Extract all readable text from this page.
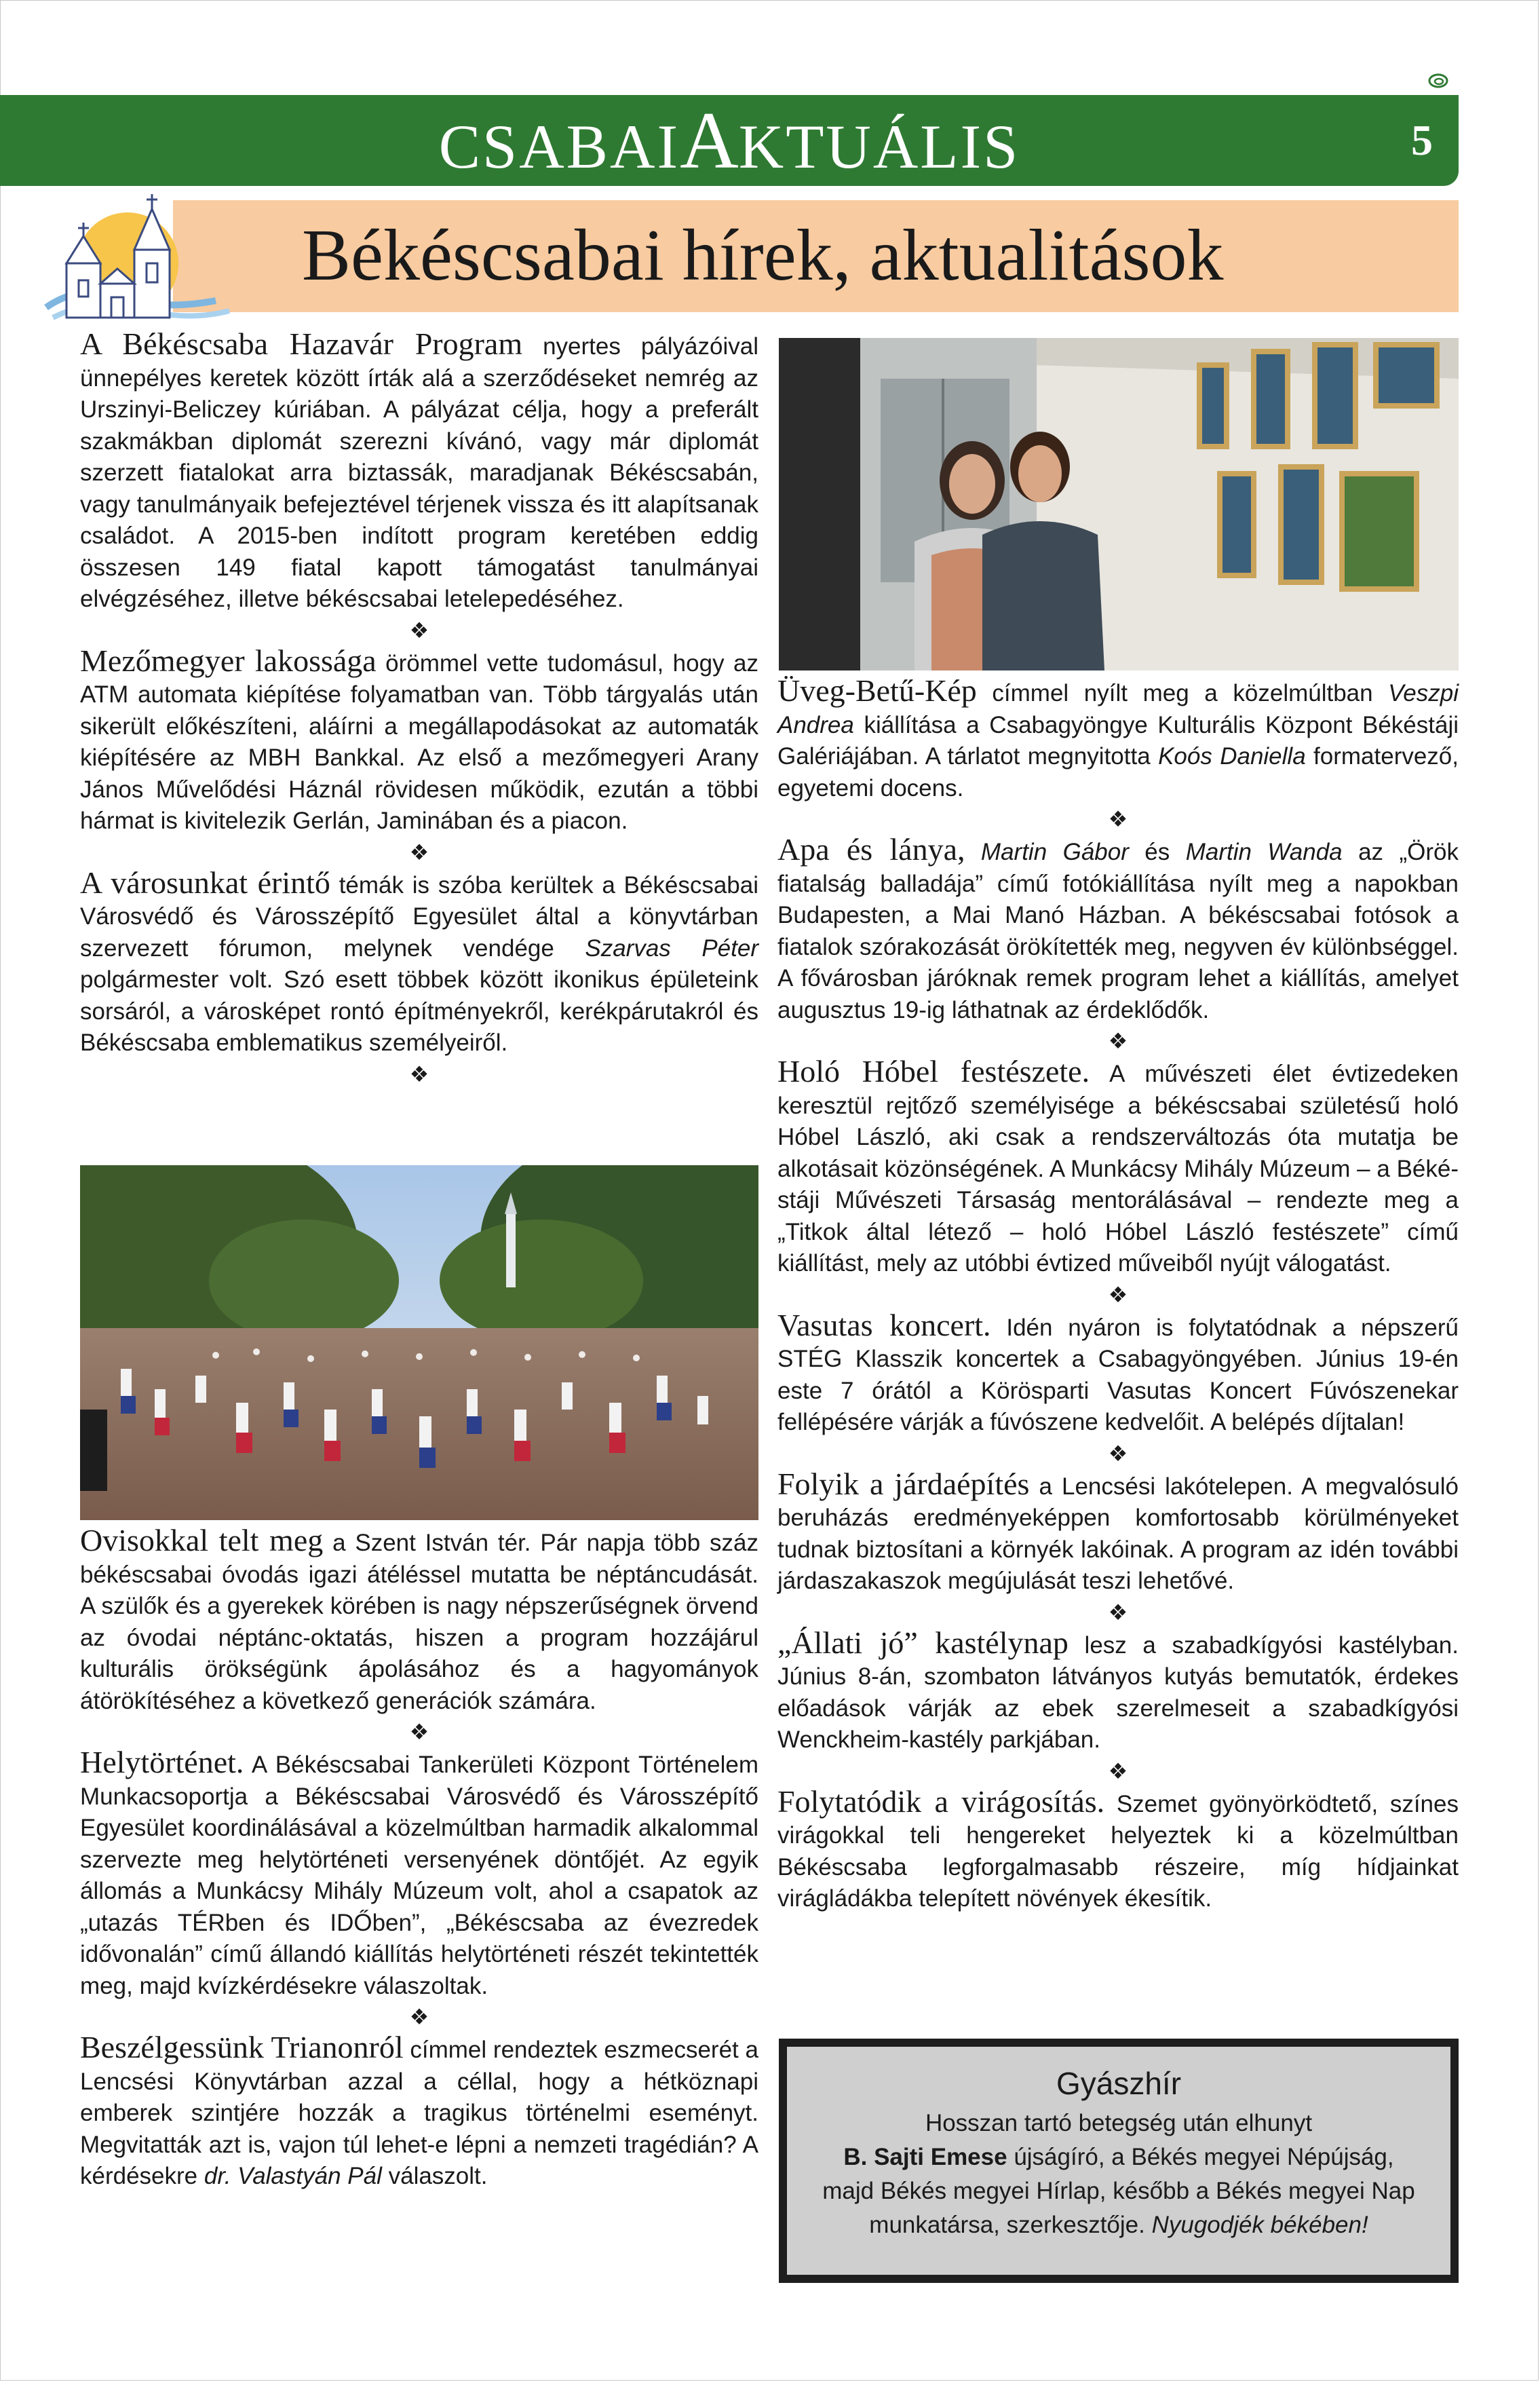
CSABAIAKTUÁLIS	5
Békéscsabai hírek, aktualitások

A Békéscsaba Hazavár Program nyertes pályázóival ünnepélyes keretek között írták alá a szerződéseket nemrég az Urszinyi-Beliczey kúriában. A pályázat célja, hogy a preferált szakmákban diplomát szerezni kívánó, vagy már diplomát szerzett fiatalokat arra biztassák, maradjanak Békéscsabán, vagy tanulmányaik befejeztével térjenek vissza és itt alapítsanak családot. A 2015-ben indított program keretében eddig összesen 149 fiatal kapott támogatást tanulmányai elvégzéséhez, illetve békéscsabai letelepedéséhez.

❖

Mezőmegyer lakossága örömmel vette tudomásul, hogy az ATM automata kiépítése folyamatban van. Több tárgyalás után sikerült előkészíteni, aláírni a megállapodásokat az automaták kiépítésére az MBH Bankkal. Az első a mezőmegyeri Arany János Művelődési Háznál rövidesen működik, ezután a többi hármat is kivitelezik Gerlán, Jaminában és a piacon.

❖

A városunkat érintő témák is szóba kerültek a Békéscsabai Városvédő és Városszépítő Egyesület által a könyvtárban szervezett fórumon, melynek vendége Szarvas Péter polgármester volt. Szó esett többek között ikonikus épületeink sorsáról, a városképet rontó építményekről, kerékpárutakról és Békéscsaba emblematikus személyeiről.

❖

Ovisokkal telt meg a Szent István tér. Pár napja több száz békéscsabai óvodás igazi átéléssel mutatta be néptáncudását. A szülők és a gyerekek körében is nagy népszerűségnek örvend az óvodai néptánc-oktatás, hiszen a program hozzájárul kulturális örökségünk ápolásához és a hagyományok átörökítéséhez a következő generációk számára.

❖

Helytörténet. A Békéscsabai Tankerületi Központ Történelem Munkacsoportja a Békéscsabai Városvédő és Városszépítő Egyesület koordinálásával a közelmúltban harmadik alkalommal szervezte meg helytörténeti versenyének döntőjét. Az egyik állomás a Munkácsy Mihály Múzeum volt, ahol a csapatok az „utazás TÉRben és IDŐben”, „Békéscsaba az évezredek idővonalán” című állandó kiállítás helytörténeti részét tekintették meg, majd kvízkérdésekre válaszoltak.

❖

Beszélgessünk Trianonról címmel rendeztek eszmecserét a Lencsési Könyvtárban azzal a céllal, hogy a hétköznapi emberek szintjére hozzák a tragikus történelmi eseményt. Megvitatták azt is, vajon túl lehet-e lépni a nemzeti tragédián? A kérdésekre dr. Valastyán Pál válaszolt.

Üveg-Betű-Kép címmel nyílt meg a közelmúltban Veszpi Andrea kiállítása a Csabagyöngye Kulturális Központ Békéstáji Galériájában. A tárlatot megnyitotta Koós Daniella formatervező, egyetemi docens.

❖

Apa és lánya, Martin Gábor és Martin Wanda az „Örök fiatalság balladája” című fotókiállítása nyílt meg a napokban Budapesten, a Mai Manó Házban. A békéscsabai fotósok a fiatalok szórakozását örökítették meg, negyven év különbséggel. A fővárosban járóknak remek program lehet a kiállítás, amelyet augusztus 19-ig láthatnak az érdeklődők.

❖

Holó Hóbel festészete. A művészeti élet évtizedeken keresztül rejtőző személyisége a békéscsabai születésű holó Hóbel László, aki csak a rendszerváltozás óta mutatja be alkotásait közönségének. A Munkácsy Mihály Múzeum – a Békéstáji Művészeti Társaság mentorálásával – rendezte meg a „Titkok által létező – holó Hóbel László festészete” című kiállítást, mely az utóbbi évtized műveiből nyújt válogatást.

❖

Vasutas koncert. Idén nyáron is folytatódnak a népszerű STÉG Klasszik koncertek a Csabagyöngyében. Június 19-én este 7 órától a Körösparti Vasutas Koncert Fúvószenekar fellépésére várják a fúvószene kedvelőit. A belépés díjtalan!

❖

Folyik a járdaépítés a Lencsési lakótelepen. A megvalósuló beruházás eredményeképpen komfortosabb körülményeket tudnak biztosítani a környék lakóinak. A program az idén további járdaszakaszok megújulását teszi lehetővé.

❖

„Állati jó” kastélynap lesz a szabadkígyósi kastélyban. Június 8-án, szombaton látványos kutyás bemutatók, érdekes előadások várják az ebek szerelmeseit a szabadkígyósi Wenckheim-kastély parkjában.

❖

Folytatódik a virágosítás. Szemet gyönyörködtető, színes virágokkal teli hengereket helyeztek ki a közelmúltban Békéscsaba legforgalmasabb részeire, míg hídjainkat virágládákba telepített növények ékesítik.

Gyászhír
Hosszan tartó betegség után elhunyt
B. Sajti Emese újságíró, a Békés megyei Népújság,
majd Békés megyei Hírlap, később a Békés megyei Nap
munkatársa, szerkesztője. Nyugodjék békében!
